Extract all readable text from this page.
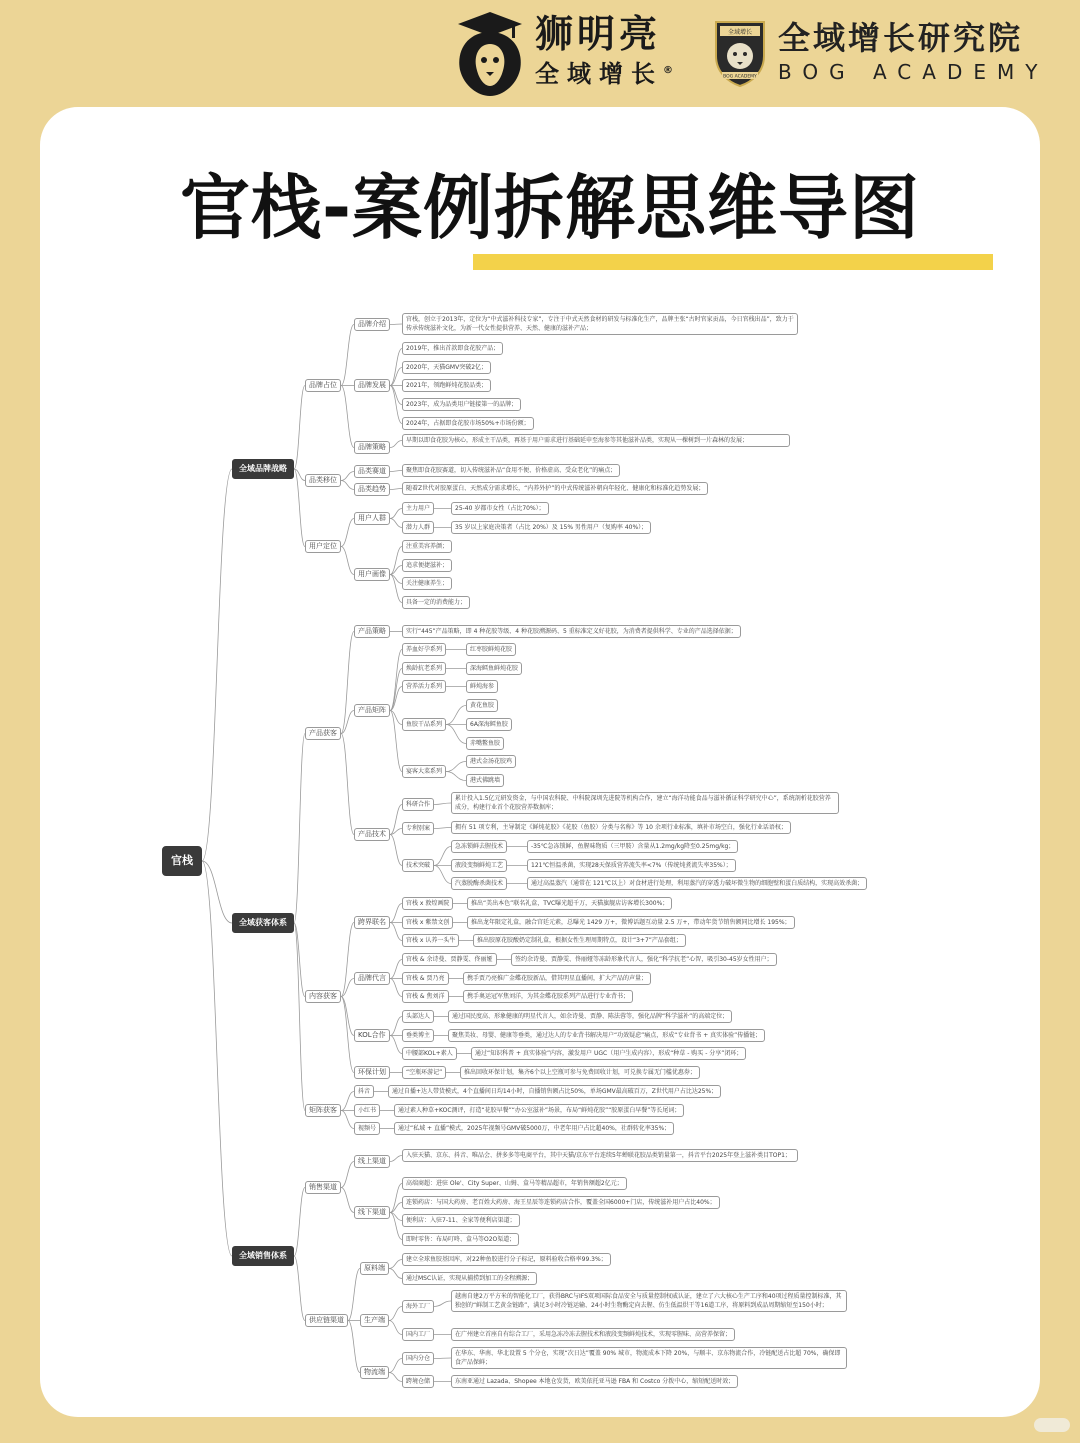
狮明亮
全域增长®
全域增长
BOG ACADEMY
全域增长研究院
BOG ACADEMY
官栈-案例拆解思维导图
官栈
全域品牌战略
品牌占位
品牌介绍
官栈，创立于2013年，定位为“中式滋补科技专家”，专注于中式天然食材的研发与标准化生产，品牌主张“古时官家贡品，今日官栈出品”，致力于传承传统滋补文化，为新一代女性提供营养、天然、健康的滋补产品；
品牌发展
2019年，推出首款即食花胶产品；
2020年，天猫GMV突破2亿；
2021年，领跑鲜炖花胶品类；
2023年，成为品类用户链接第一的品牌；
2024年，占据即食花胶市场50%+市场份额；
品牌策略
早期以即食花胶为核心，形成主干品类，再基于用户需求进行基础延申至海参等其他滋补品类，实现从一棵树到一片森林的发展；
品类移位
品类赛道	聚焦即食花胶赛道，切入传统滋补品“食用不便、价格虚高、受众老化”的痛点；
品类趋势	随着Z世代对胶原蛋白、天然成分需求增长，“内养外护”的中式传统滋补朝向年轻化、健康化和标准化趋势发展；
用户定位
用户人群
主力用户	25-40 岁都市女性（占比70%）；
潜力人群	35 岁以上家庭决策者（占比 20%）及 15% 男性用户（复购率 40%）；
用户画像
注重美容养颜；
追求便捷滋补；
关注健康养生；
具备一定的消费能力；
全域获客体系
产品获客
产品策略	实行“445”产品策略，即 4 种花胶等级、4 种花胶溯源码、5 重标准定义好花胶，为消费者提供科学、专业的产品选择依据；
产品矩阵
养血好孕系列	红枣胶鲜炖花胶
焕龄抗老系列	深海鳕鱼鲜炖花胶
营养活力系列	鲜炖海参
鱼胶干品系列
黄花鱼胶
6A深海鳕鱼胶
赤嘴鳘鱼胶
宴客大菜系列
港式金汤花胶鸡
港式佛跳墙
产品技术
科研合作
累计投入1.5亿元研发资金，与中国农科院、中科院深圳先进院等机构合作，建立“海洋功能食品与滋补循证科学研究中心”，系统剖析花胶营养成分，构建行业首个花胶营养数据库；
专利别案	拥有 51 项专利，主导制定《鲜炖花胶》《花胶（鱼胶）分类与名称》等 10 余项行业标准，填补市场空白，强化行业话语权；
技术突破
急冻锁鲜去腥技术	-35℃急冻锁鲜，鱼腥味物质（三甲胺）含量从1.2mg/kg降至0.25mg/kg；
液段变频鲜炖工艺	121℃恒温杀菌，实现28天保质营养流失率<7%（传统炖煮流失率35%）；
汽蒸脱酶杀菌技术	通过高温蒸汽（通常在 121℃以上）对食材进行处理，利用蒸汽的穿透力破坏微生物的细胞壁和蛋白质结构，实现高效杀菌；
内容获客
跨界联名
官栈 x 敦煌画院	推出“美出本色”联名礼盒，TVC曝光超千万，天猫旗舰店访客增长300%；
官栈 x 紫禁文创	推出龙年限定礼盒，融合宫廷元素，总曝光 1429 万+，微博话题互动量 2.5 万+，带动年货节销售额同比增长 195%；
官栈 x 认养一头牛	推出胶原花胶酸奶定制礼盒，根据女性生理周期特点，设计“3+7”产品套组；
品牌代言
官栈 & 余诗曼、贾静雯、佟丽娅	签约余诗曼、贾静雯、佟丽娅等冻龄形象代言人，强化“科学抗老”心智，吸引30-45岁女性用户；
官栈 & 贾乃亮	携手贾乃亮推广金蝶花胶新品，借其明星直播间，扩大产品的声量；
官栈 & 焦刘洋	携手奥运冠军焦刘洋，为其金蝶花胶系列产品进行专业背书；
KOL合作
头部达人	通过国民度高、形象健康的明星代言人，如余诗曼、贾静、陈法蓉等，强化品牌“科学滋补”的高端定位；
垂类博主	聚焦美妆、母婴、健康等垂类，通过达人的专业背书解决用户“功效疑虑”痛点，形成“专业背书 + 真实体验”传播链；
中腰部KOL+素人	通过“知识科普 + 真实体验”内容，激发用户 UGC（用户生成内容），形成“种草 - 购买 - 分享”闭环；
环保计划	“空瓶环游记”	推出回收环保计划，集齐6个以上空瓶可参与免费回收计划，可兑换专属无门槛优惠券；
矩阵获客
抖音	通过自播+达人带货模式，4个直播间日均14小时，自播销售额占比50%，单场GMV最高破百万，Z世代用户占比达25%；
小红书	通过素人种草+KOC测评，打造“花胶早餐”“办公室滋补”场景，布局“鲜炖花胶”“胶原蛋白早餐”等长尾词；
视频号	通过“私域 + 直播”模式，2025年视频号GMV破5000万，中老年用户占比超40%，社群转化率35%；
全域销售体系
销售渠道
线上渠道
入驻天猫、京东、抖音、唯品会、拼多多等电商平台，其中天猫/京东平台连续5年蝉联花胶品类销量第一，抖音平台2025年登上滋补类目TOP1；
线下渠道
高端商超：进驻 Ole'、City Super、山姆、盒马等精品超市，年销售额超2亿元；
连锁药店：与国大药房、老百姓大药房、海王星辰等连锁药店合作，覆盖全国6000+门店，传统滋补用户占比40%；
便利店：入驻7-11、全家等便利店渠道；
即时零售：布局叮咚、盒马等O2O渠道；
供应链渠道
原料端
建立全球鱼胶基因库，对22种鱼胶进行分子标记，原料验收合格率99.3%；
通过MSC认证，实现从捕捞到加工的全程溯源；
生产端
海外工厂
越南自建2万平方米的智能化工厂，获得BRC与IFS双项国际食品安全与质量控制权威认证，建立了六大核心生产工序和40项过程质量控制标准，其独创的“鲜制工艺黄金链路”，满足3小时冷链运输、24小时生物酶定向去腥、仿生低温烘干等16道工序，将原料到成品周期缩短至150小时；
国内工厂	在广州建立首座自有综合工厂，采用急冻冷冻去腥技术和液段变频鲜炖技术，实现零腥味、高营养保留；
物流端
国内分仓
在华东、华南、华北设置 5 个分仓，实现“次日达”覆盖 90% 城市，物流成本下降 20%，与顺丰、京东物流合作，冷链配送占比超 70%，确保即食产品保鲜；
跨境仓储	东南亚通过 Lazada、Shopee 本地仓发货，欧美依托亚马逊 FBA 和 Costco 分拨中心，缩短配送时效；
